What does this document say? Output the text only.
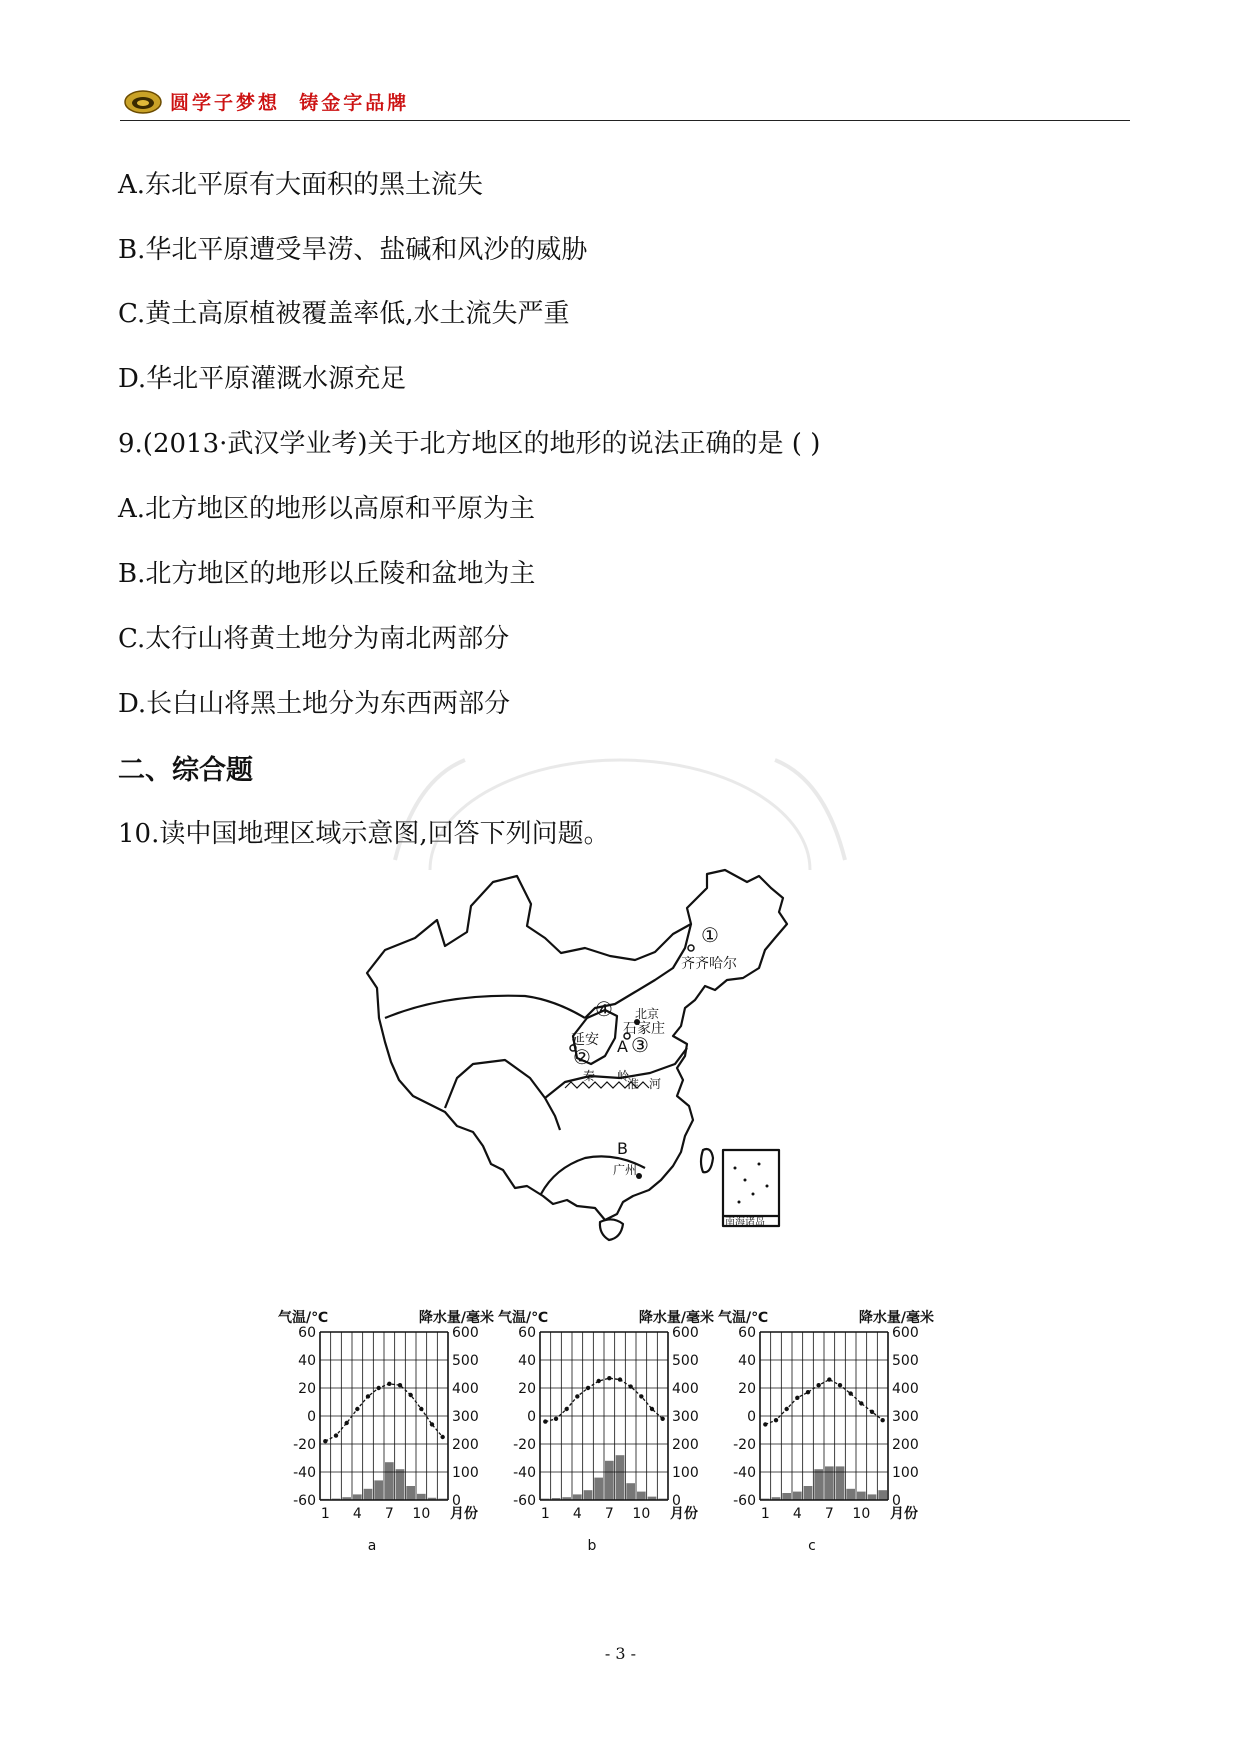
圆学子梦想  铸金字品牌
A.东北平原有大面积的黑土流失
B.华北平原遭受旱涝、盐碱和风沙的威胁
C.黄土高原植被覆盖率低,水土流失严重
D.华北平原灌溉水源充足
9.(2013·武汉学业考)关于北方地区的地形的说法正确的是 ( )
A.北方地区的地形以高原和平原为主
B.北方地区的地形以丘陵和盆地为主
C.太行山将黄土地分为南北两部分
D.长白山将黑土地分为东西两部分
二、综合题
10.读中国地理区域示意图,回答下列问题。
①
齐齐哈尔
④ 北京
石家庄
延安
② A ③
秦 岭
淮 河
B
广州
南海诸岛
气温/℃	降水量/毫米
60
40
20
0
-20
-40
-60
600
500
400
300
200
100
0
1 4 7 10 月份
a
气温/℃	降水量/毫米
60
40
20
0
-20
-40
-60
600
500
400
300
200
100
0
1 4 7 10 月份
b
气温/℃	降水量/毫米
60
40
20
0
-20
-40
-60
600
500
400
300
200
100
0
1 4 7 10 月份
c
- 3 -
